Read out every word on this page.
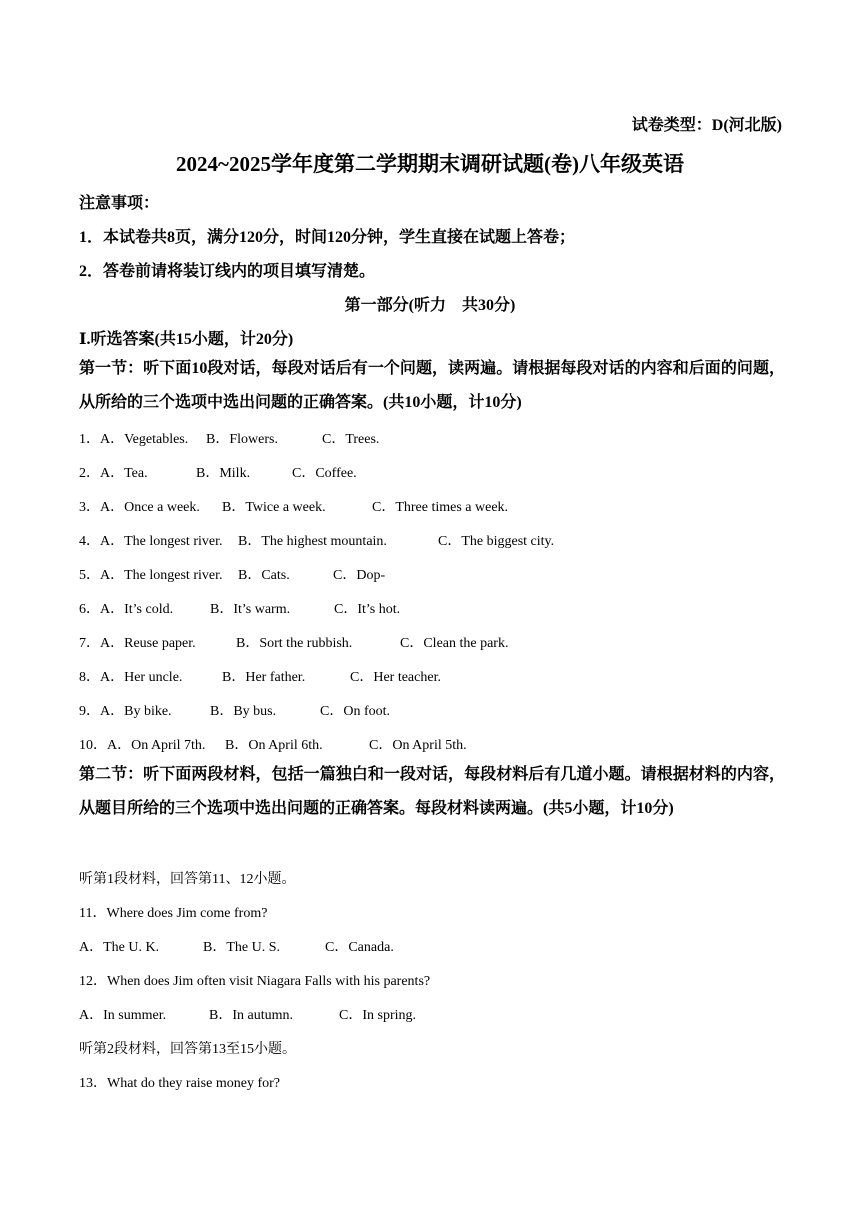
试卷类型：D(河北版)
2024~2025学年度第二学期期末调研试题(卷)八年级英语
注意事项：
1．本试卷共8页，满分120分，时间120分钟，学生直接在试题上答卷；
2．答卷前请将装订线内的项目填写清楚。
第一部分(听力　共30分)
Ⅰ.听选答案(共15小题，计20分)
第一节：听下面10段对话，每段对话后有一个问题，读两遍。请根据每段对话的内容和后面的问题，从所给的三个选项中选出问题的正确答案。(共10小题，计10分)
1．A．Vegetables. B．Flowers.	C．Trees.
2．A．Tea.	B．Milk.	C．Coffee.
3．A．Once a week. B．Twice a week.	C．Three times a week.
4．A．The longest river. B．The highest mountain.	C．The biggest city.
5．A．The longest river. B．Cats.	C．Dop-
6．A．It’s cold.	B．It’s warm.	C．It’s hot.
7．A．Reuse paper.	B．Sort the rubbish.	C．Clean the park.
8．A．Her uncle.	B．Her father.	C．Her teacher.
9．A．By bike.	B．By bus.	C．On foot.
10．A．On April 7th. B．On April 6th.	C．On April 5th.
第二节：听下面两段材料，包括一篇独白和一段对话，每段材料后有几道小题。请根据材料的内容，从题目所给的三个选项中选出问题的正确答案。每段材料读两遍。(共5小题，计10分)
听第1段材料，回答第11、12小题。
11．Where does Jim come from?
A．The U. K.	B．The U. S.	C．Canada.
12．When does Jim often visit Niagara Falls with his parents?
A．In summer.	B．In autumn.	C．In spring.
听第2段材料，回答第13至15小题。
13．What do they raise money for?
